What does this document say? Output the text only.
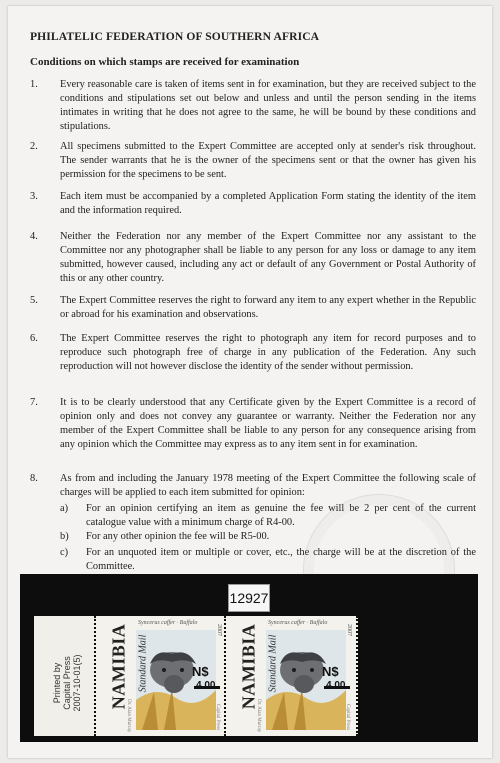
PHILATELIC FEDERATION OF SOUTHERN AFRICA
Conditions on which stamps are received for examination
1.	Every reasonable care is taken of items sent in for examination, but they are received subject to the conditions and stipulations set out below and unless and until the person sending in the items intimates in writing that he does not agree to the same, he will be bound by these conditions and stipulations.
2.	All specimens submitted to the Expert Committee are accepted only at sender's risk throughout. The sender warrants that he is the owner of the specimens sent or that the owner has given his permission for the specimens to be sent.
3.	Each item must be accompanied by a completed Application Form stating the identity of the item and the information required.
4.	Neither the Federation nor any member of the Expert Committee nor any assistant to the Committee nor any photographer shall be liable to any person for any loss or damage to any item submitted, however caused, including any act or default of any Government or Postal Authority of this or any other country.
5.	The Expert Committee reserves the right to forward any item to any expert whether in the Republic or abroad for his examination and observations.
6.	The Expert Committee reserves the right to photograph any item for record purposes and to reproduce such photograph free of charge in any publication of the Federation. Any such reproduction will not however disclose the identity of the sender without permission.
7.	It is to be clearly understood that any Certificate given by the Expert Committee is a record of opinion only and does not convey any guarantee or warranty. Neither the Federation nor any member of the Expert Committee shall be liable to any person for any consequence arising from any opinion which the Committee may express as to any item sent in for examination.
8.	As from and including the January 1978 meeting of the Expert Committee the following scale of charges will be applied to each item submitted for opinion:
a) For an opinion certifying an item as genuine the fee will be 2 per cent of the current catalogue value with a minimum charge of R4-00.
b) For any other opinion the fee will be R5-00.
c) For an unquoted item or multiple or cover, etc., the charge will be at the discretion of the Committee.
12927
Printed by Capital Press 2007-10-01(5)
Syncerus caffer · Buffalo
2007
NAMIBIA Standard Mail	N$
Dr. Alan Murray	Capital Press
Syncerus caffer · Buffalo
2007
NAMIBIA Standard Mail	N$
Dr. Alan Murray	Capital Press
